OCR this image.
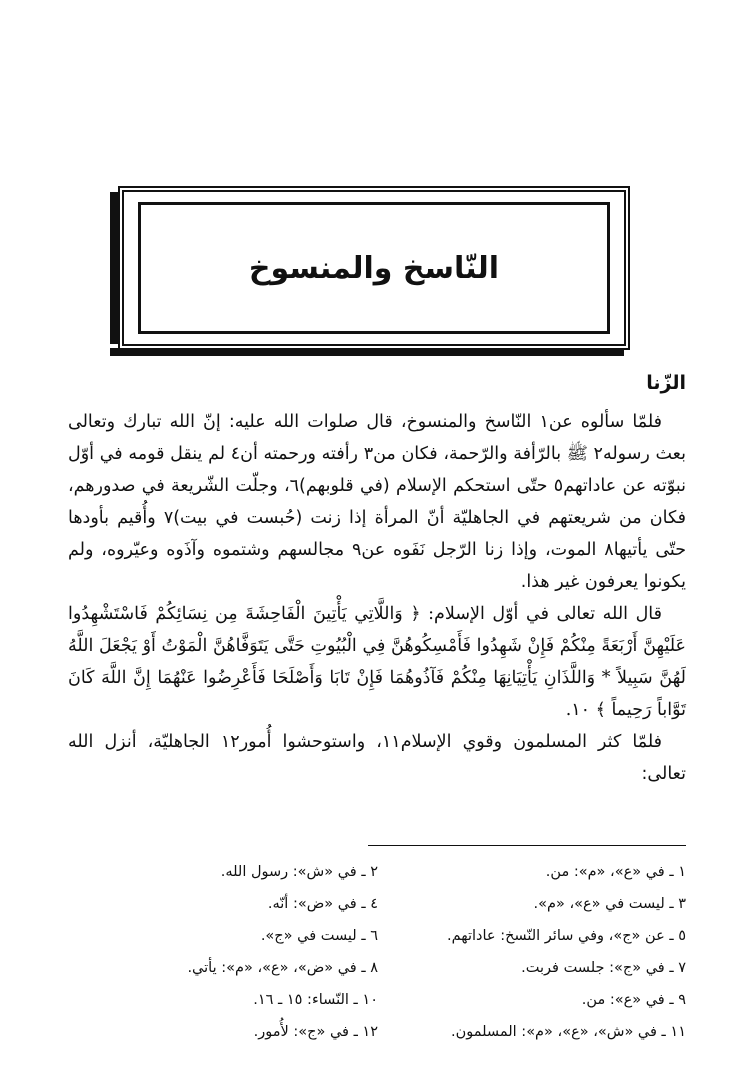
النّاسخ والمنسوخ
الزّنا

فلمّا سألوه عن١ النّاسخ والمنسوخ، قال صلوات الله عليه: إنّ الله تبارك وتعالى بعث رسوله٢ ﷺ بالرّأفة والرّحمة، فكان من٣ رأفته ورحمته أن٤ لم ينقل قومه في أوّل نبوّته عن عاداتهم٥ حتّى استحكم الإسلام (في قلوبهم)٦، وجلّت الشّريعة في صدورهم، فكان من شريعتهم في الجاهليّة أنّ المرأة إذا زنت (حُبست في بيت)٧ وأُقيم بأودها حتّى يأتيها٨ الموت، وإذا زنا الرّجل نَفَوه عن٩ مجالسهم وشتموه وآذَوه وعيّروه، ولم يكونوا يعرفون غير هذا.

قال الله تعالى في أوّل الإسلام: ﴿ وَاللَّاتِي يَأْتِينَ الْفَاحِشَةَ مِن نِسَائِكُمْ فَاسْتَشْهِدُوا عَلَيْهِنَّ أَرْبَعَةً مِنْكُمْ فَإِنْ شَهِدُوا فَأَمْسِكُوهُنَّ فِي الْبُيُوتِ حَتَّى يَتَوَفَّاهُنَّ الْمَوْتُ أَوْ يَجْعَلَ اللَّهُ لَهُنَّ سَبِيلاً * وَاللَّذَانِ يَأْتِيَانِهَا مِنْكُمْ فَآذُوهُمَا فَإِنْ تَابَا وَأَصْلَحَا فَأَعْرِضُوا عَنْهُمَا إِنَّ اللَّهَ كَانَ تَوَّاباً رَحِيماً ﴾ ١٠.

فلمّا كثر المسلمون وقوي الإسلام١١، واستوحشوا أُمور١٢ الجاهليّة، أنزل الله تعالى:

١ ـ في «ع»، «م»: من.
٢ ـ في «ش»: رسول الله.
٣ ـ ليست في «ع»، «م».
٤ ـ في «ض»: أنّه.
٥ ـ عن «ج»، وفي سائر النّسخ: عاداتهم.
٦ ـ ليست في «ج».
٧ ـ في «ج»: جلست فربت.
٨ ـ في «ض»، «ع»، «م»: يأتي.
٩ ـ في «ع»: من.
١٠ ـ النّساء: ١٥ ـ ١٦.
١١ ـ في «ش»، «ع»، «م»: المسلمون.
١٢ ـ في «ج»: لأُمور.
